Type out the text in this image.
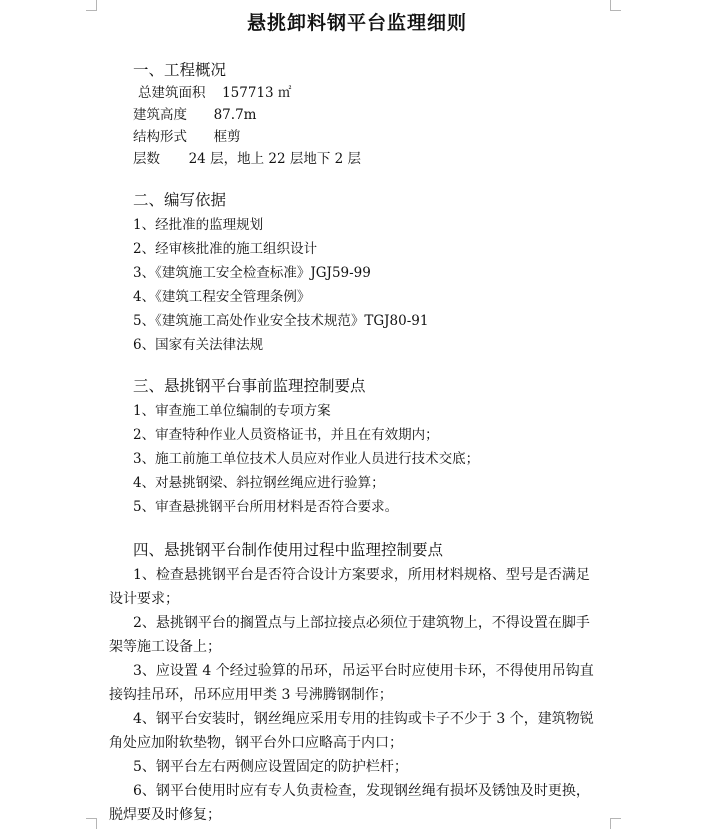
悬挑卸料钢平台监理细则
一、工程概况
总建筑面积 157713 ㎡
建筑高度 87.7m
结构形式 框剪
层数 24 层，地上 22 层地下 2 层
二、编写依据
1、经批准的监理规划
2、经审核批准的施工组织设计
3、《建筑施工安全检查标准》JGJ59-99
4、《建筑工程安全管理条例》
5、《建筑施工高处作业安全技术规范》TGJ80-91
6、国家有关法律法规
三、悬挑钢平台事前监理控制要点
1、审查施工单位编制的专项方案
2、审查特种作业人员资格证书，并且在有效期内；
3、施工前施工单位技术人员应对作业人员进行技术交底；
4、对悬挑钢梁、斜拉钢丝绳应进行验算；
5、审查悬挑钢平台所用材料是否符合要求。
四、悬挑钢平台制作使用过程中监理控制要点
1、检查悬挑钢平台是否符合设计方案要求，所用材料规格、型号是否满足
设计要求；
2、悬挑钢平台的搁置点与上部拉接点必须位于建筑物上，不得设置在脚手
架等施工设备上；
3、应设置 4 个经过验算的吊环，吊运平台时应使用卡环，不得使用吊钩直
接钩挂吊环，吊环应用甲类 3 号沸腾钢制作；
4、钢平台安装时，钢丝绳应采用专用的挂钩或卡子不少于 3 个，建筑物锐
角处应加附软垫物，钢平台外口应略高于内口；
5、钢平台左右两侧应设置固定的防护栏杆；
6、钢平台使用时应有专人负责检查，发现钢丝绳有损坏及锈蚀及时更换，
脱焊要及时修复；
